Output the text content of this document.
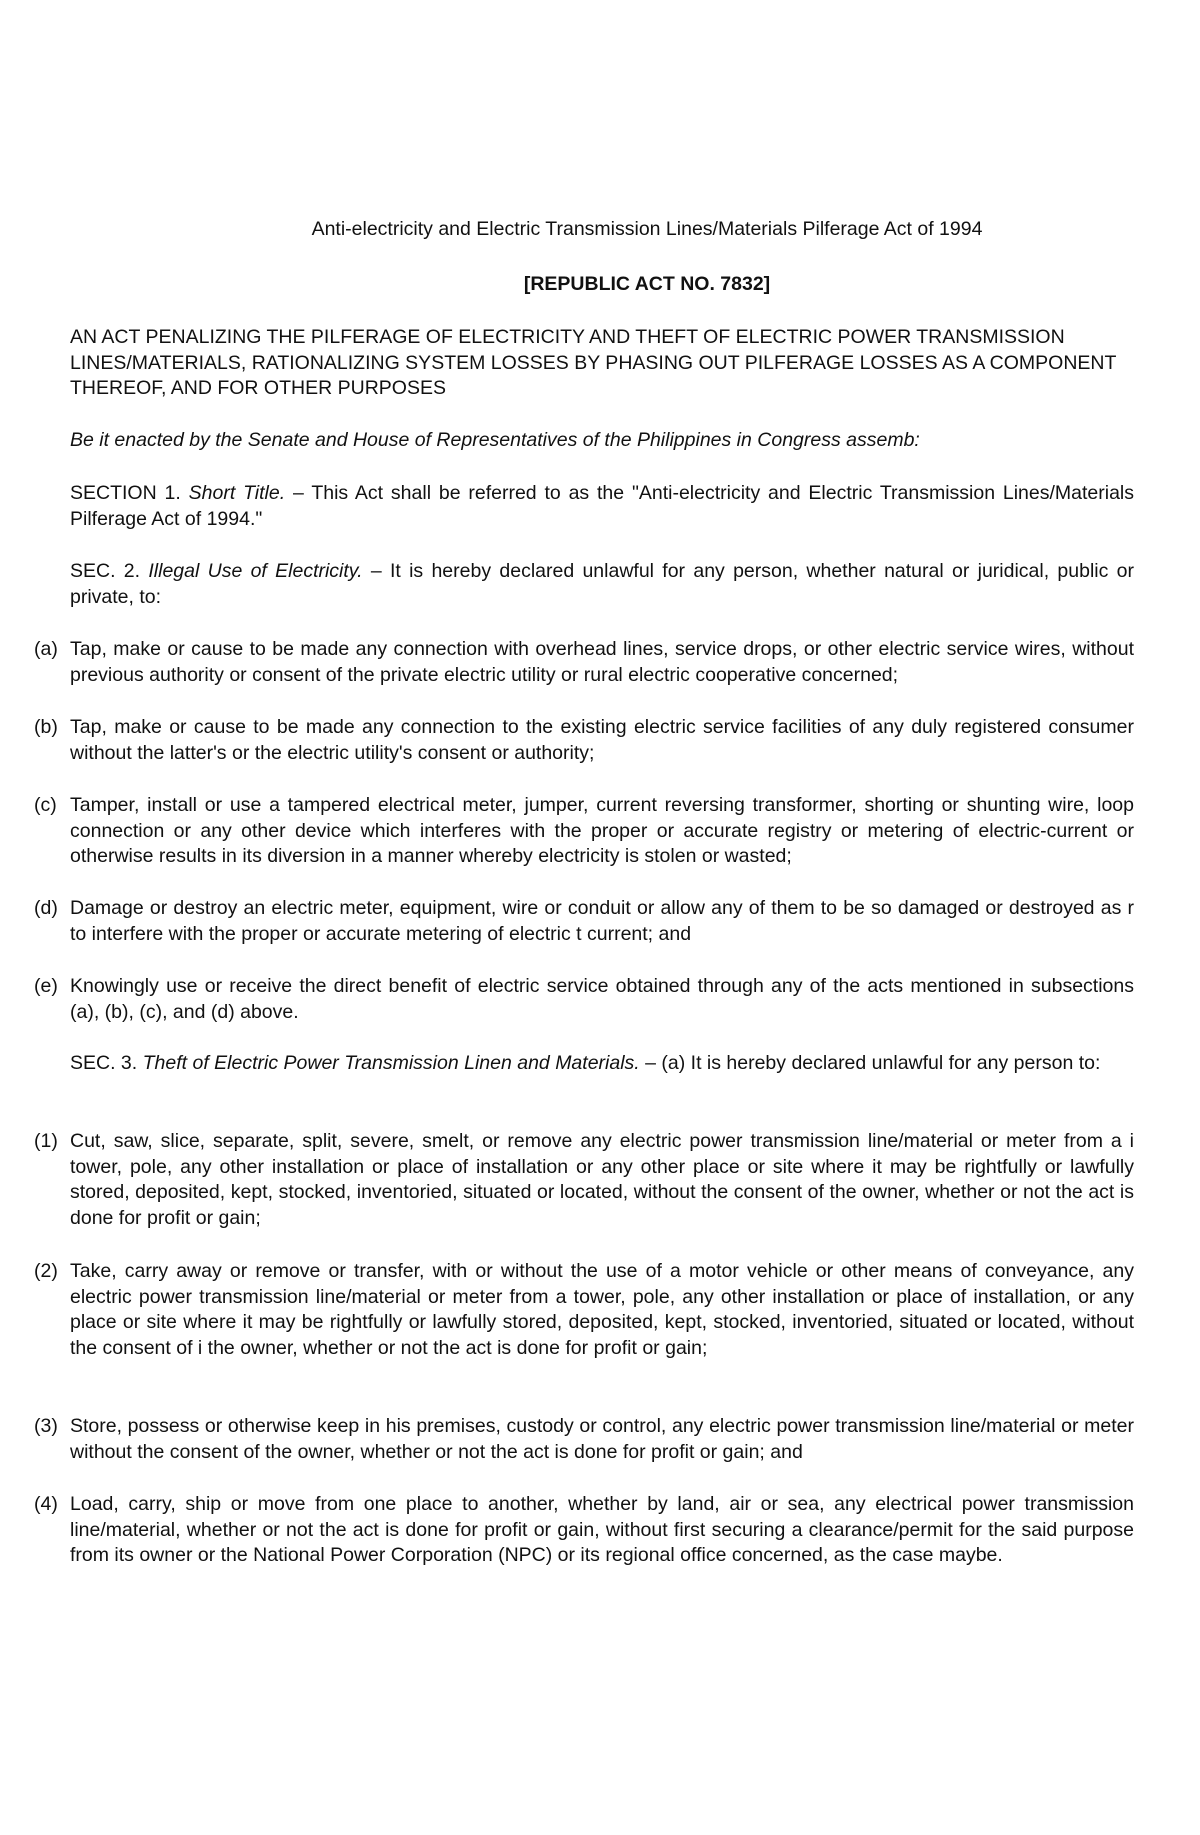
Anti-electricity and Electric Transmission Lines/Materials Pilferage Act of 1994
[REPUBLIC ACT NO. 7832]
AN ACT PENALIZING THE PILFERAGE OF ELECTRICITY AND THEFT OF ELECTRIC POWER TRANSMISSION LINES/MATERIALS, RATIONALIZING SYSTEM LOSSES BY PHASING OUT PILFERAGE LOSSES AS A COMPONENT THEREOF, AND FOR OTHER PURPOSES
Be it enacted by the Senate and House of Representatives of the Philippines in Congress assemb:
SECTION 1. Short Title. – This Act shall be referred to as the "Anti-electricity and Electric Transmission Lines/Materials Pilferage Act of 1994."
SEC. 2. Illegal Use of Electricity. – It is hereby declared unlawful for any person, whether natural or juridical, public or private, to:
(a) Tap, make or cause to be made any connection with overhead lines, service drops, or other electric service wires, without previous authority or consent of the private electric utility or rural electric cooperative concerned;
(b) Tap, make or cause to be made any connection to the existing electric service facilities of any duly registered consumer without the latter's or the electric utility's consent or authority;
(c) Tamper, install or use a tampered electrical meter, jumper, current reversing transformer, shorting or shunting wire, loop connection or any other device which interferes with the proper or accurate registry or metering of electric-current or otherwise results in its diversion in a manner whereby electricity is stolen or wasted;
(d) Damage or destroy an electric meter, equipment, wire or conduit or allow any of them to be so damaged or destroyed as r to interfere with the proper or accurate metering of electric t current; and
(e) Knowingly use or receive the direct benefit of electric service obtained through any of the acts mentioned in subsections (a), (b), (c), and (d) above.
SEC. 3. Theft of Electric Power Transmission Linen and Materials. – (a) It is hereby declared unlawful for any person to:
(1) Cut, saw, slice, separate, split, severe, smelt, or remove any electric power transmission line/material or meter from a i tower, pole, any other installation or place of installation or any other place or site where it may be rightfully or lawfully stored, deposited, kept, stocked, inventoried, situated or located, without the consent of the owner, whether or not the act is done for profit or gain;
(2) Take, carry away or remove or transfer, with or without the use of a motor vehicle or other means of conveyance, any electric power transmission line/material or meter from a tower, pole, any other installation or place of installation, or any place or site where it may be rightfully or lawfully stored, deposited, kept, stocked, inventoried, situated or located, without the consent of i the owner, whether or not the act is done for profit or gain;
(3) Store, possess or otherwise keep in his premises, custody or control, any electric power transmission line/material or meter without the consent of the owner, whether or not the act is done for profit or gain; and
(4) Load, carry, ship or move from one place to another, whether by land, air or sea, any electrical power transmission line/material, whether or not the act is done for profit or gain, without first securing a clearance/permit for the said purpose from its owner or the National Power Corporation (NPC) or its regional office concerned, as the case maybe.
